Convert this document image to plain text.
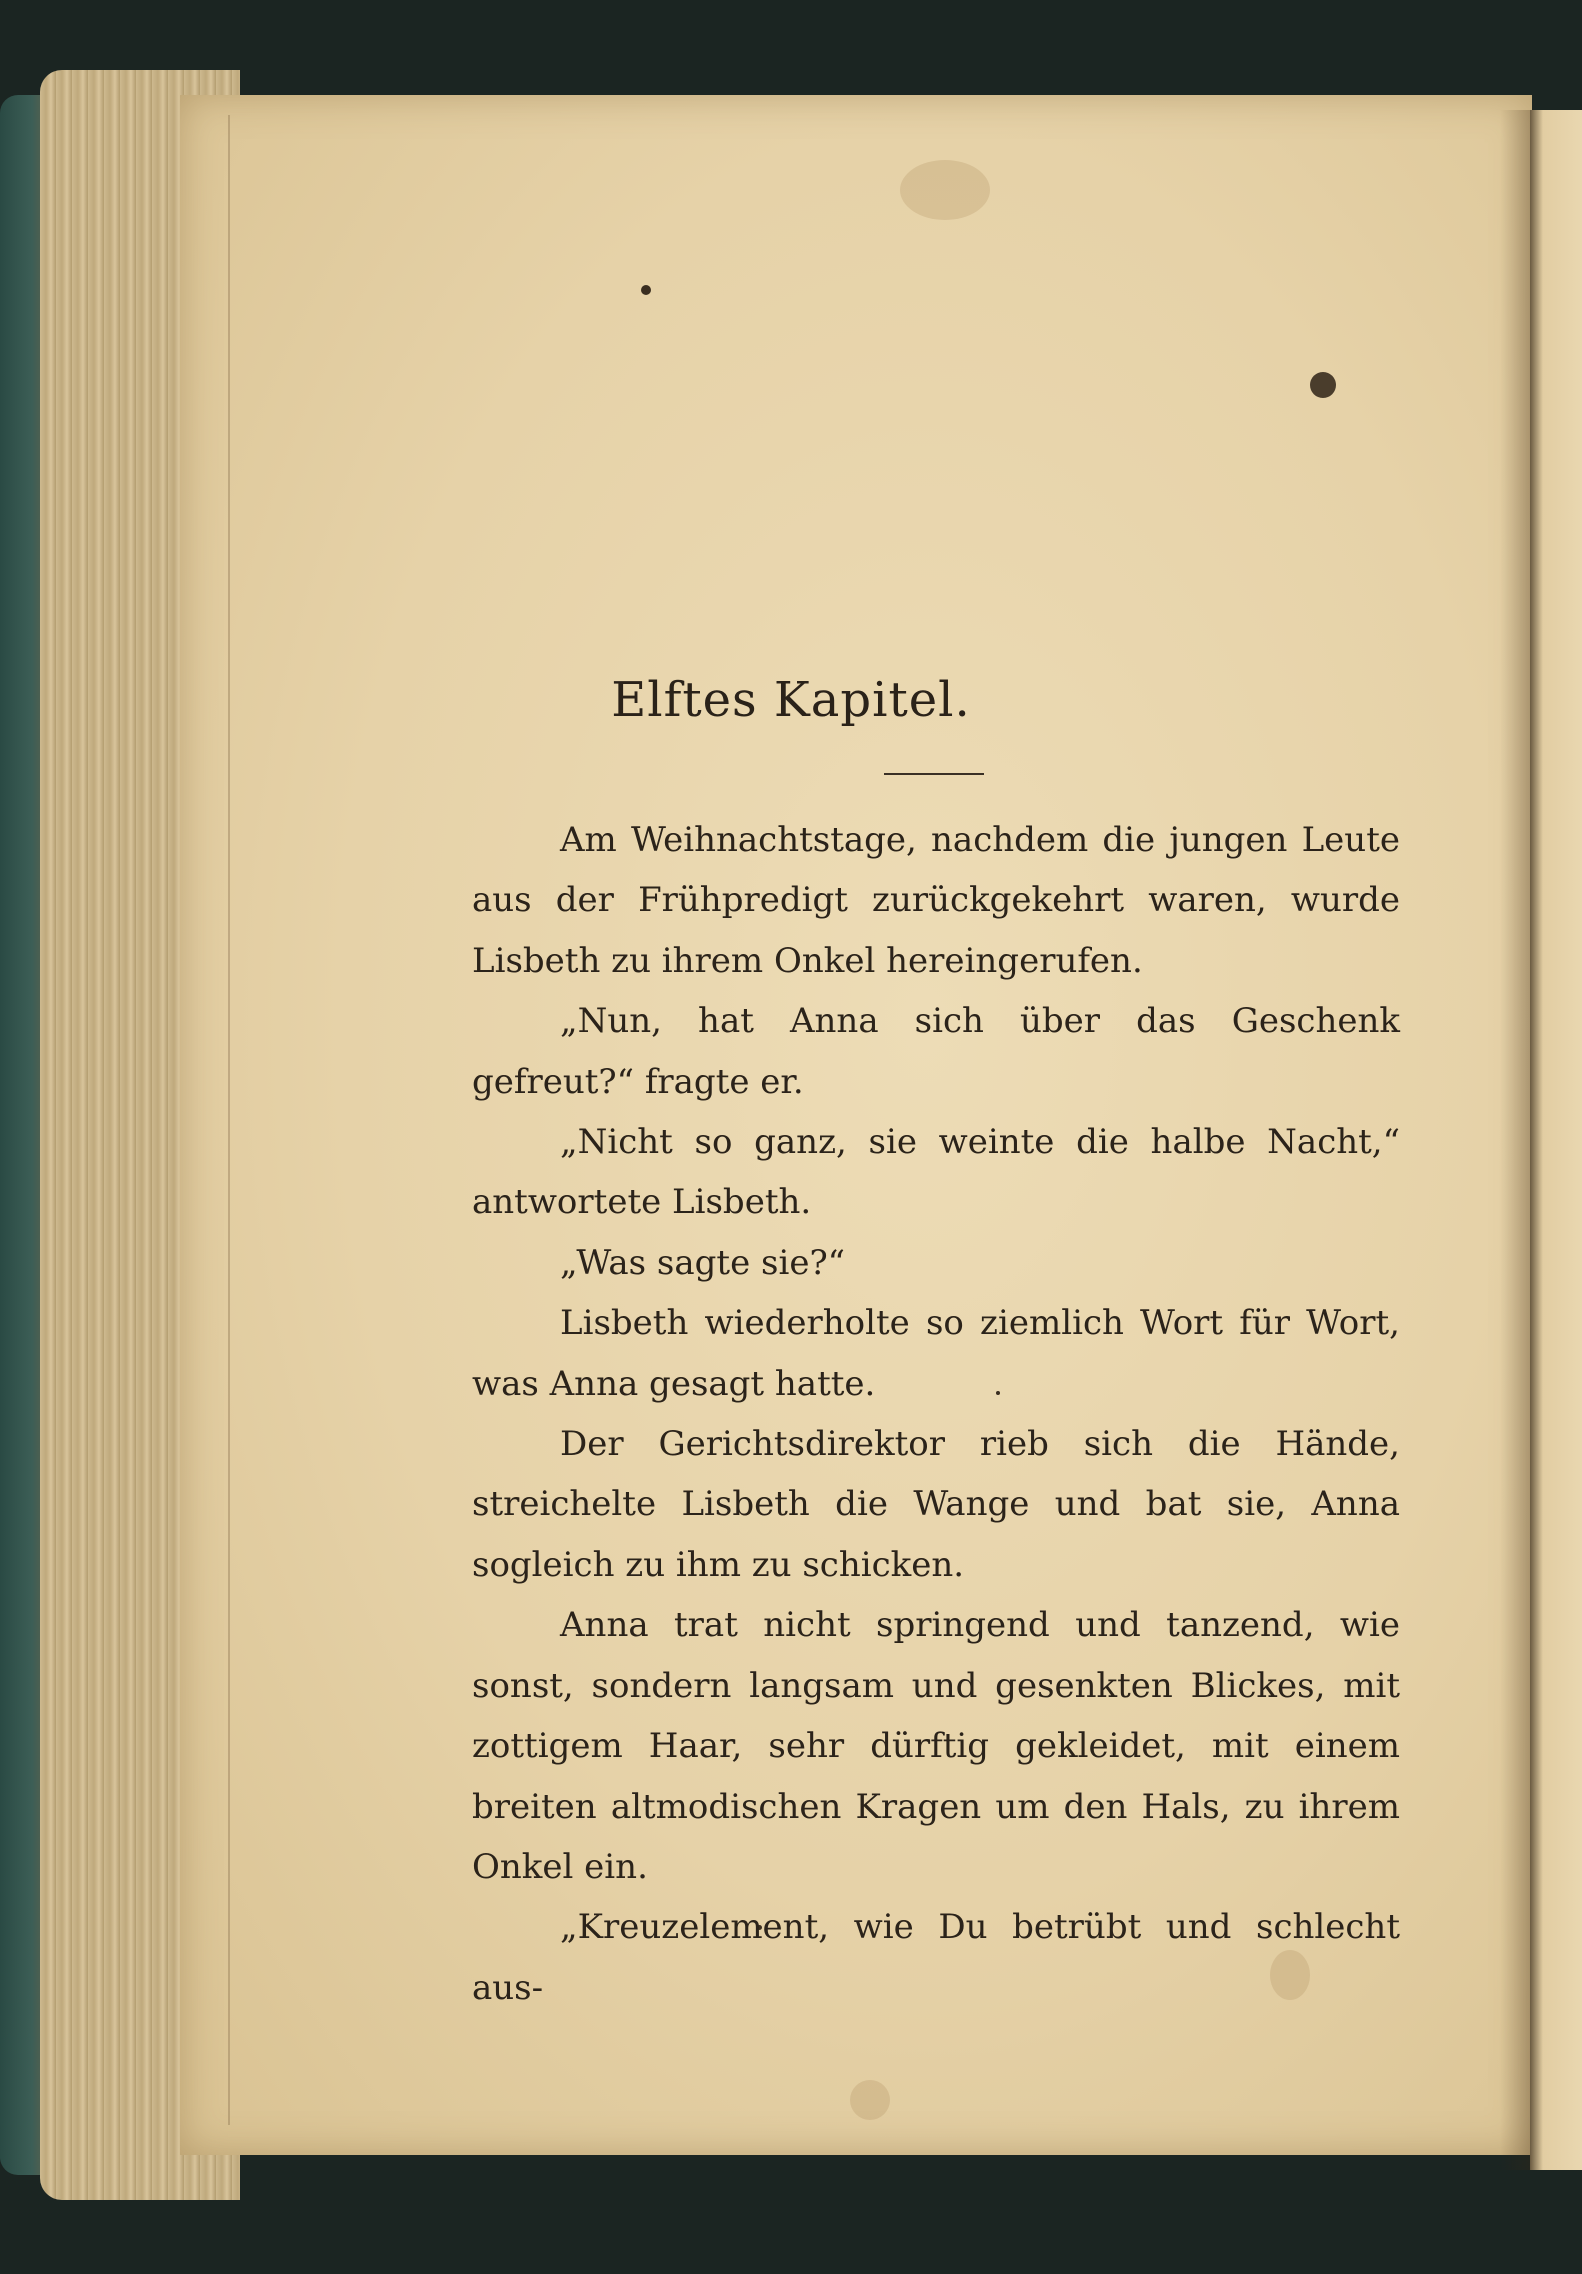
Elftes Kapitel.

Am Weihnachtstage, nachdem die jungen Leute aus der Frühpredigt zurückgekehrt waren, wurde Lisbeth zu ihrem Onkel hereingerufen.

„Nun, hat Anna sich über das Geschenk gefreut?“ fragte er.

„Nicht so ganz, sie weinte die halbe Nacht,“ antwortete Lisbeth.

„Was sagte sie?“

Lisbeth wiederholte so ziemlich Wort für Wort, was Anna gesagt hatte.

Der Gerichtsdirektor rieb sich die Hände, streichelte Lisbeth die Wange und bat sie, Anna sogleich zu ihm zu schicken.

Anna trat nicht springend und tanzend, wie sonst, sondern langsam und gesenkten Blickes, mit zottigem Haar, sehr dürftig gekleidet, mit einem breiten altmodischen Kragen um den Hals, zu ihrem Onkel ein.

„Kreuzelement, wie Du betrübt und schlecht aus-
